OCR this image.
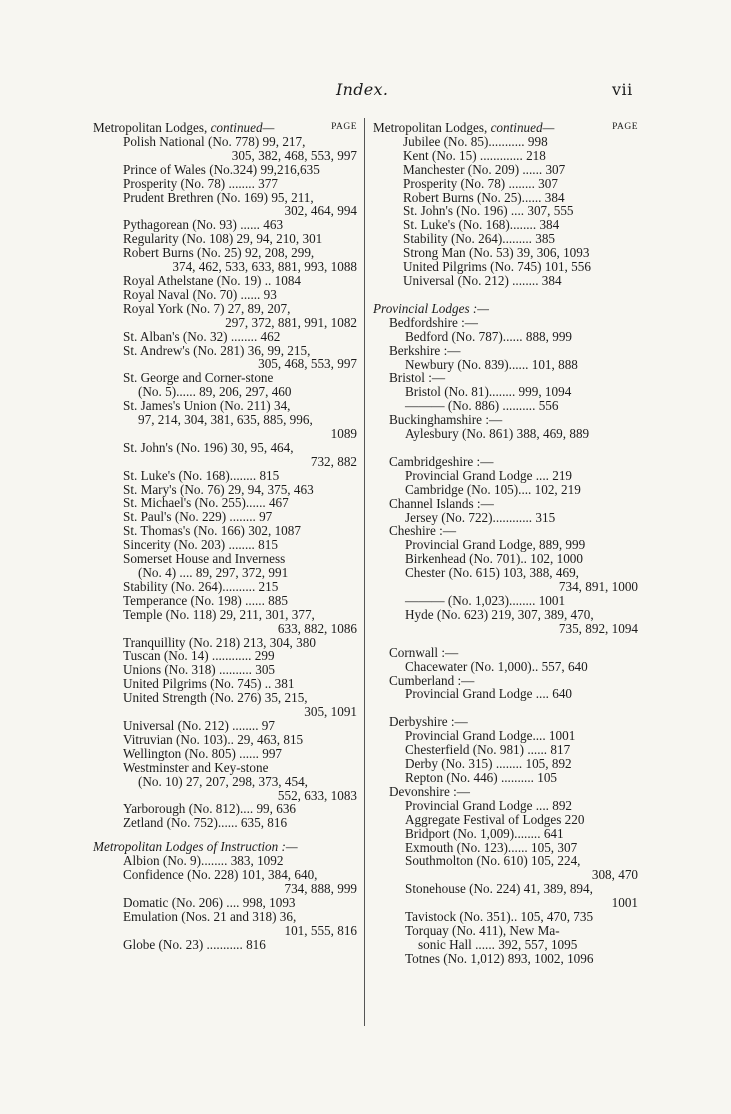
Index.	vii
Metropolitan Lodges, continued—	PAGE
Polish National (No. 778) 99, 217,
305, 382, 468, 553, 997
Prince of Wales (No.324) 99,216,635
Prosperity (No. 78) ........ 377
Prudent Brethren (No. 169) 95, 211,
302, 464, 994
Pythagorean (No. 93) ...... 463
Regularity (No. 108) 29, 94, 210, 301
Robert Burns (No. 25) 92, 208, 299,
374, 462, 533, 633, 881, 993, 1088
Royal Athelstane (No. 19) .. 1084
Royal Naval (No. 70) ...... 93
Royal York (No. 7) 27, 89, 207,
297, 372, 881, 991, 1082
St. Alban's (No. 32) ........ 462
St. Andrew's (No. 281) 36, 99, 215,
305, 468, 553, 997
St. George and Corner-stone
(No. 5)...... 89, 206, 297, 460
St. James's Union (No. 211) 34,
97, 214, 304, 381, 635, 885, 996,
1089
St. John's (No. 196) 30, 95, 464,
732, 882
St. Luke's (No. 168)........ 815
St. Mary's (No. 76) 29, 94, 375, 463
St. Michael's (No. 255)...... 467
St. Paul's (No. 229) ........ 97
St. Thomas's (No. 166) 302, 1087
Sincerity (No. 203) ........ 815
Somerset House and Inverness
(No. 4) .... 89, 297, 372, 991
Stability (No. 264).......... 215
Temperance (No. 198) ...... 885
Temple (No. 118) 29, 211, 301, 377,
633, 882, 1086
Tranquillity (No. 218) 213, 304, 380
Tuscan (No. 14) ............ 299
Unions (No. 318) .......... 305
United Pilgrims (No. 745) .. 381
United Strength (No. 276) 35, 215,
305, 1091
Universal (No. 212) ........ 97
Vitruvian (No. 103).. 29, 463, 815
Wellington (No. 805) ...... 997
Westminster and Key-stone
(No. 10) 27, 207, 298, 373, 454,
552, 633, 1083
Yarborough (No. 812).... 99, 636
Zetland (No. 752)...... 635, 816
Metropolitan Lodges of Instruction :—
Albion (No. 9)........ 383, 1092
Confidence (No. 228) 101, 384, 640,
734, 888, 999
Domatic (No. 206) .... 998, 1093
Emulation (Nos. 21 and 318) 36,
101, 555, 816
Globe (No. 23) ........... 816
Metropolitan Lodges, continued—	PAGE
Jubilee (No. 85)........... 998
Kent (No. 15) ............. 218
Manchester (No. 209) ...... 307
Prosperity (No. 78) ........ 307
Robert Burns (No. 25)...... 384
St. John's (No. 196) .... 307, 555
St. Luke's (No. 168)........ 384
Stability (No. 264)......... 385
Strong Man (No. 53) 39, 306, 1093
United Pilgrims (No. 745) 101, 556
Universal (No. 212) ........ 384
Provincial Lodges :—
Bedfordshire :—
Bedford (No. 787)...... 888, 999
Berkshire :—
Newbury (No. 839)...... 101, 888
Bristol :—
Bristol (No. 81)........ 999, 1094
——— (No. 886) .......... 556
Buckinghamshire :—
Aylesbury (No. 861) 388, 469, 889
Cambridgeshire :—
Provincial Grand Lodge .... 219
Cambridge (No. 105).... 102, 219
Channel Islands :—
Jersey (No. 722)............ 315
Cheshire :—
Provincial Grand Lodge, 889, 999
Birkenhead (No. 701).. 102, 1000
Chester (No. 615) 103, 388, 469,
734, 891, 1000
——— (No. 1,023)........ 1001
Hyde (No. 623) 219, 307, 389, 470,
735, 892, 1094
Cornwall :—
Chacewater (No. 1,000).. 557, 640
Cumberland :—
Provincial Grand Lodge .... 640
Derbyshire :—
Provincial Grand Lodge.... 1001
Chesterfield (No. 981) ...... 817
Derby (No. 315) ........ 105, 892
Repton (No. 446) .......... 105
Devonshire :—
Provincial Grand Lodge .... 892
Aggregate Festival of Lodges 220
Bridport (No. 1,009)........ 641
Exmouth (No. 123)...... 105, 307
Southmolton (No. 610) 105, 224,
308, 470
Stonehouse (No. 224) 41, 389, 894,
1001
Tavistock (No. 351).. 105, 470, 735
Torquay (No. 411), New Ma-
sonic Hall ...... 392, 557, 1095
Totnes (No. 1,012) 893, 1002, 1096
